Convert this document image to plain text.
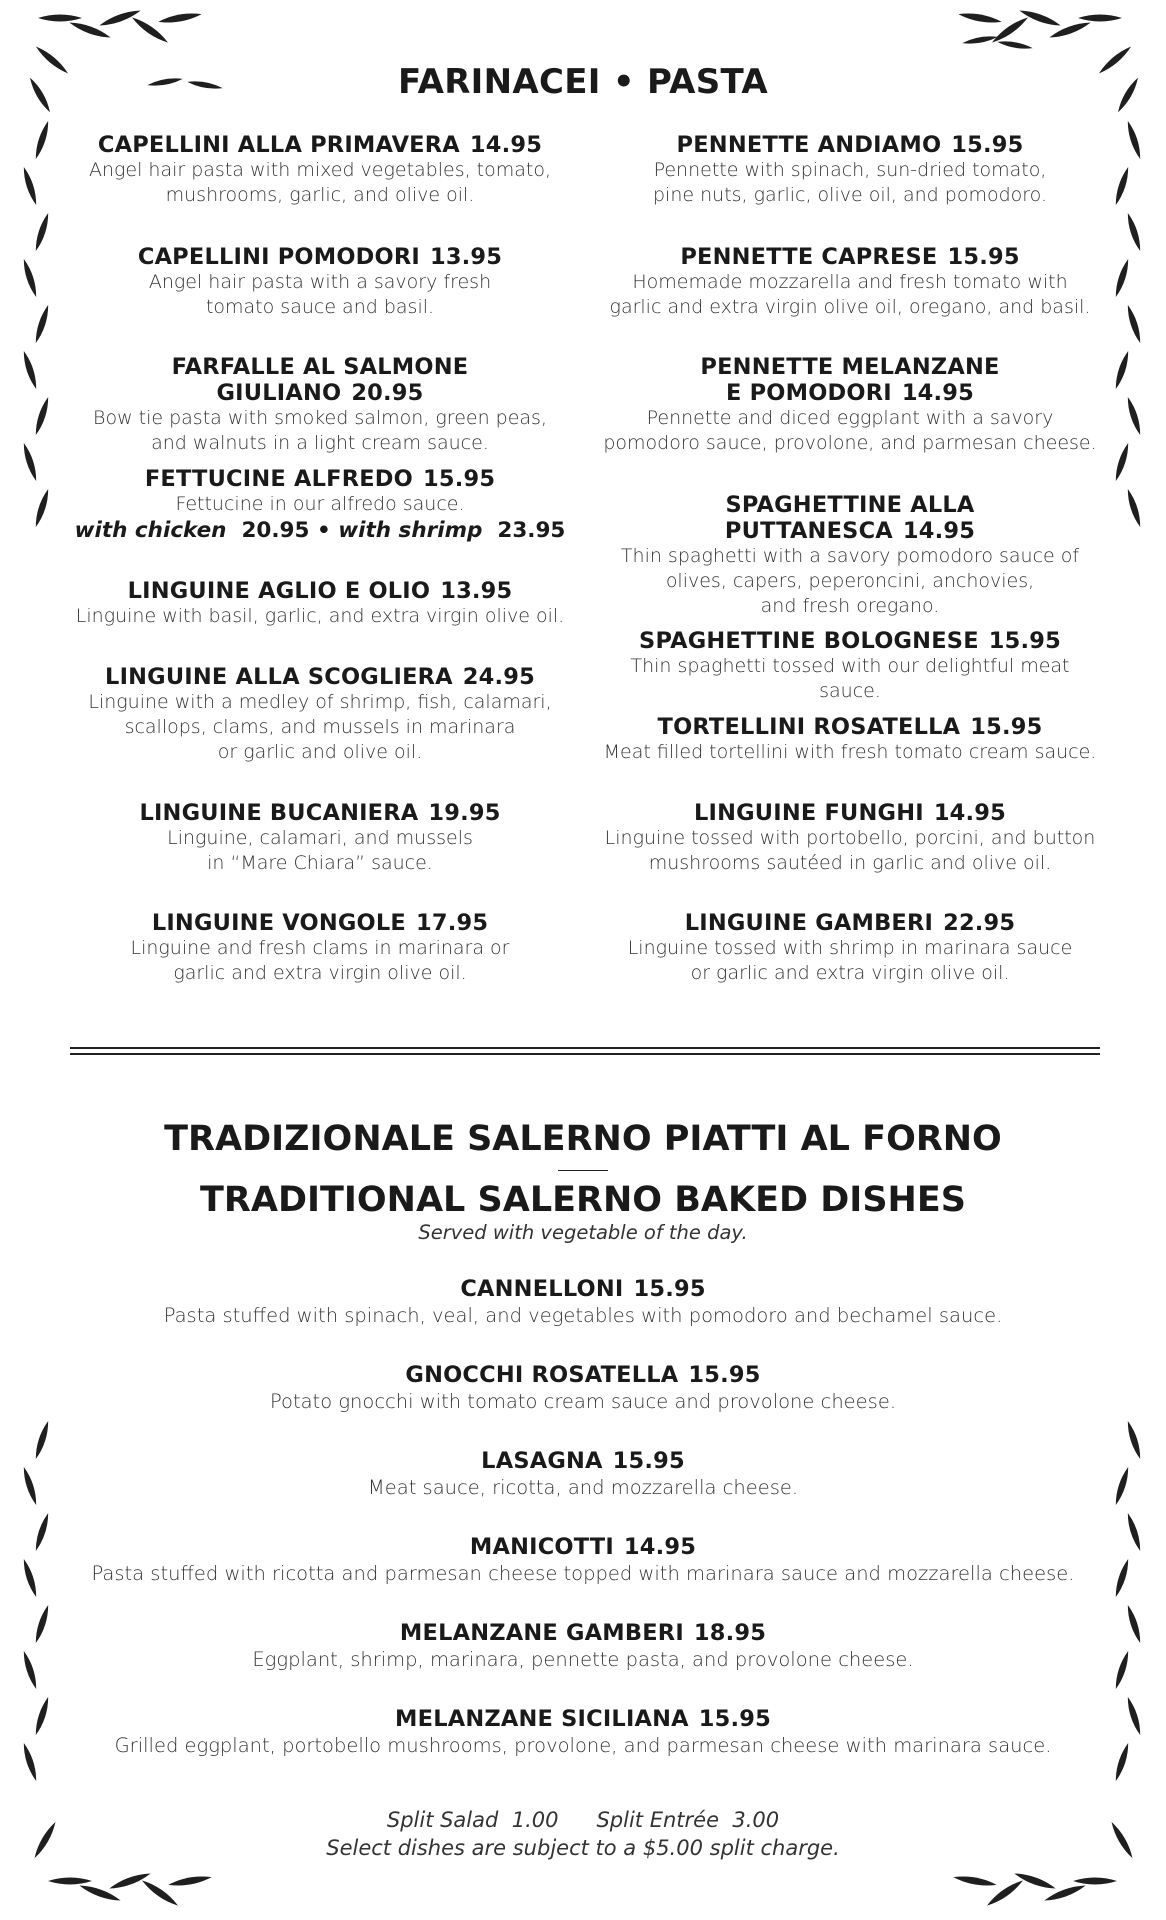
FARINACEI • PASTA
CAPELLINI ALLA PRIMAVERA 14.95
Angel hair pasta with mixed vegetables, tomato,
mushrooms, garlic, and olive oil.
CAPELLINI POMODORI 13.95
Angel hair pasta with a savory fresh
tomato sauce and basil.
FARFALLE AL SALMONE GIULIANO 20.95
Bow tie pasta with smoked salmon, green peas,
and walnuts in a light cream sauce.
FETTUCINE ALFREDO 15.95
Fettucine in our alfredo sauce.
with chicken 20.95 • with shrimp 23.95
LINGUINE AGLIO E OLIO 13.95
Linguine with basil, garlic, and extra virgin olive oil.
LINGUINE ALLA SCOGLIERA 24.95
Linguine with a medley of shrimp, fish, calamari,
scallops, clams, and mussels in marinara
or garlic and olive oil.
LINGUINE BUCANIERA 19.95
Linguine, calamari, and mussels
in “Mare Chiara” sauce.
LINGUINE VONGOLE 17.95
Linguine and fresh clams in marinara or
garlic and extra virgin olive oil.
PENNETTE ANDIAMO 15.95
Pennette with spinach, sun-dried tomato,
pine nuts, garlic, olive oil, and pomodoro.
PENNETTE CAPRESE 15.95
Homemade mozzarella and fresh tomato with
garlic and extra virgin olive oil, oregano, and basil.
PENNETTE MELANZANE
E POMODORI 14.95
Pennette and diced eggplant with a savory
pomodoro sauce, provolone, and parmesan cheese.
SPAGHETTINE ALLA PUTTANESCA 14.95
Thin spaghetti with a savory pomodoro sauce of
olives, capers, peperoncini, anchovies,
and fresh oregano.
SPAGHETTINE BOLOGNESE 15.95
Thin spaghetti tossed with our delightful meat sauce.
TORTELLINI ROSATELLA 15.95
Meat filled tortellini with fresh tomato cream sauce.
LINGUINE FUNGHI 14.95
Linguine tossed with portobello, porcini, and button
mushrooms sautéed in garlic and olive oil.
LINGUINE GAMBERI 22.95
Linguine tossed with shrimp in marinara sauce
or garlic and extra virgin olive oil.
TRADIZIONALE SALERNO PIATTI AL FORNO
TRADITIONAL SALERNO BAKED DISHES

Served with vegetable of the day.

CANNELLONI 15.95
Pasta stuffed with spinach, veal, and vegetables with pomodoro and bechamel sauce.
GNOCCHI ROSATELLA 15.95
Potato gnocchi with tomato cream sauce and provolone cheese.
LASAGNA 15.95
Meat sauce, ricotta, and mozzarella cheese.
MANICOTTI 14.95
Pasta stuffed with ricotta and parmesan cheese topped with marinara sauce and mozzarella cheese.
MELANZANE GAMBERI 18.95
Eggplant, shrimp, marinara, pennette pasta, and provolone cheese.
MELANZANE SICILIANA 15.95
Grilled eggplant, portobello mushrooms, provolone, and parmesan cheese with marinara sauce.
Split Salad 1.00 Split Entrée 3.00
Select dishes are subject to a $5.00 split charge.
